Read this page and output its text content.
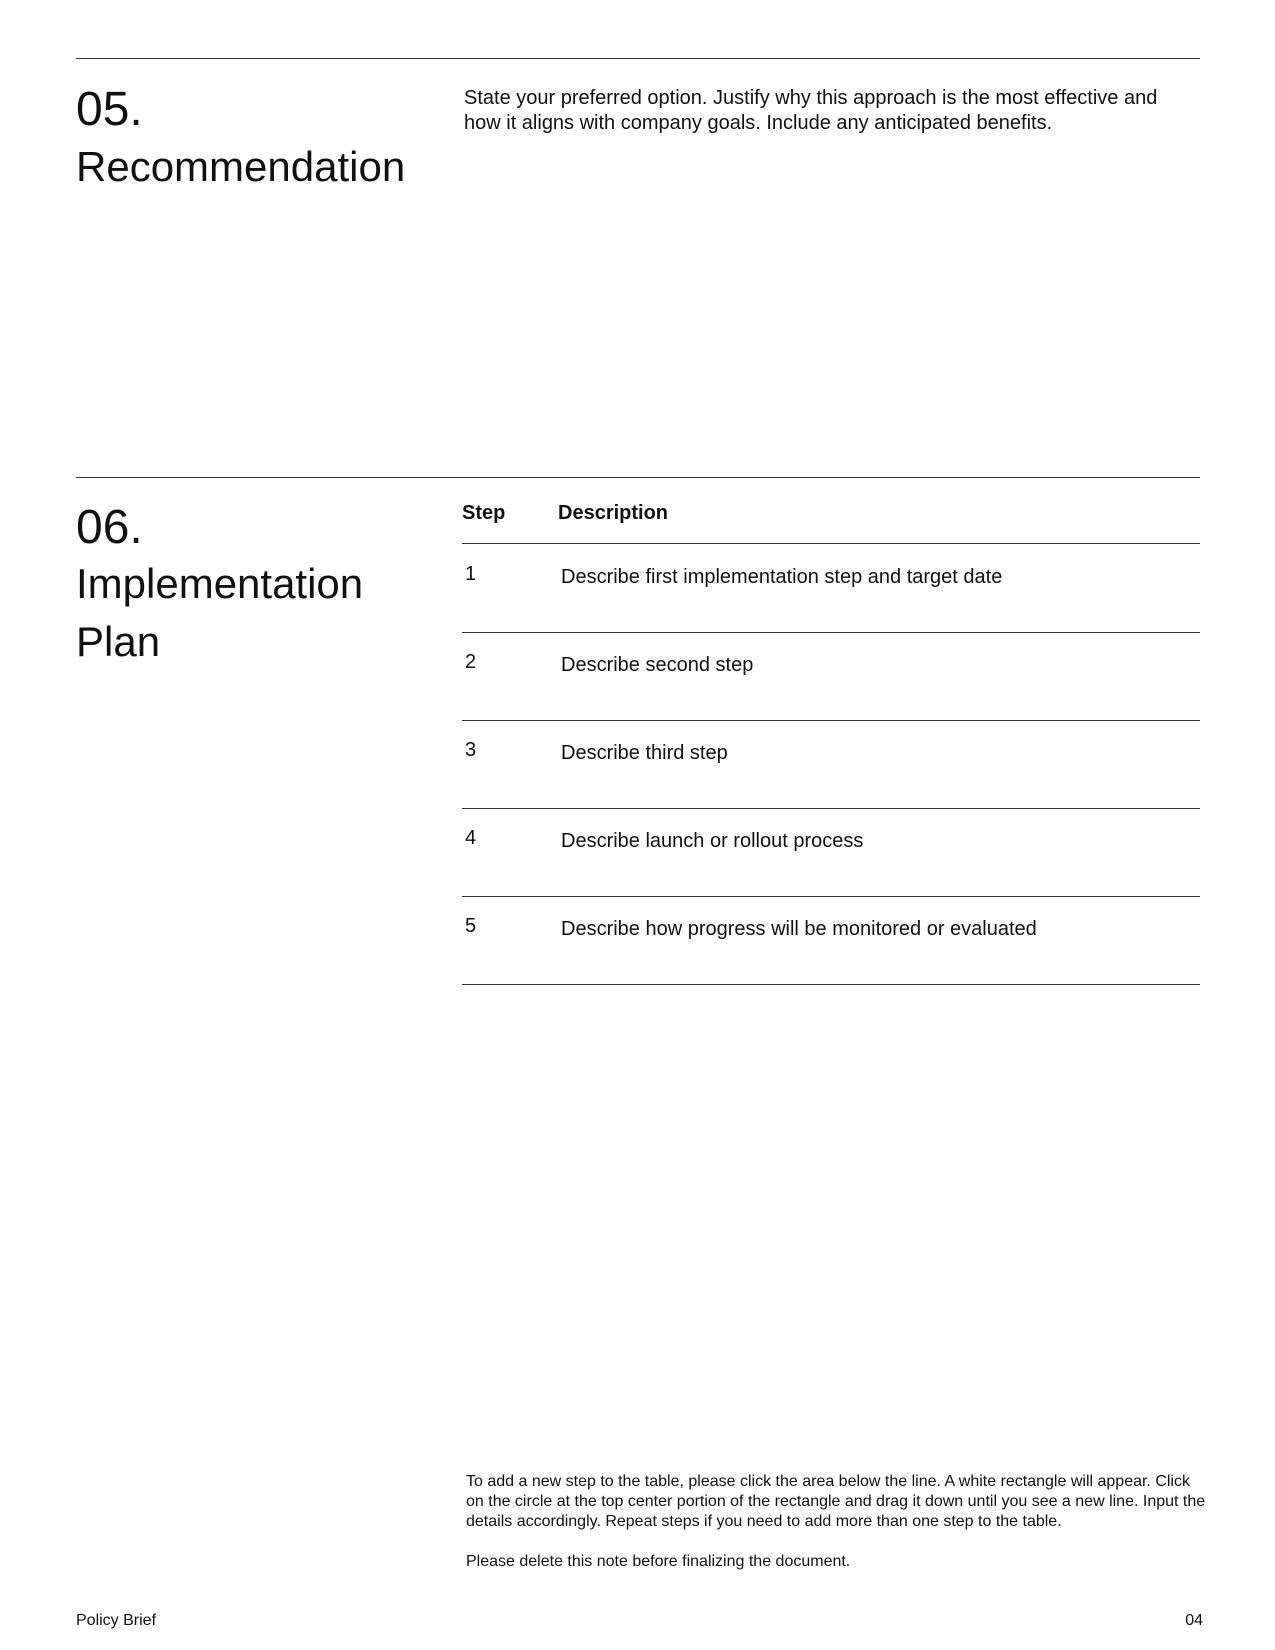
05.
Recommendation
State your preferred option. Justify why this approach is the most effective and how it aligns with company goals. Include any anticipated benefits.
06.
Implementation
Plan
Step	Description
1	Describe first implementation step and target date
2	Describe second step
3	Describe third step
4	Describe launch or rollout process
5	Describe how progress will be monitored or evaluated

To add a new step to the table, please click the area below the line. A white rectangle will appear. Click on the circle at the top center portion of the rectangle and drag it down until you see a new line. Input the details accordingly. Repeat steps if you need to add more than one step to the table.

Please delete this note before finalizing the document.

Policy Brief	04
